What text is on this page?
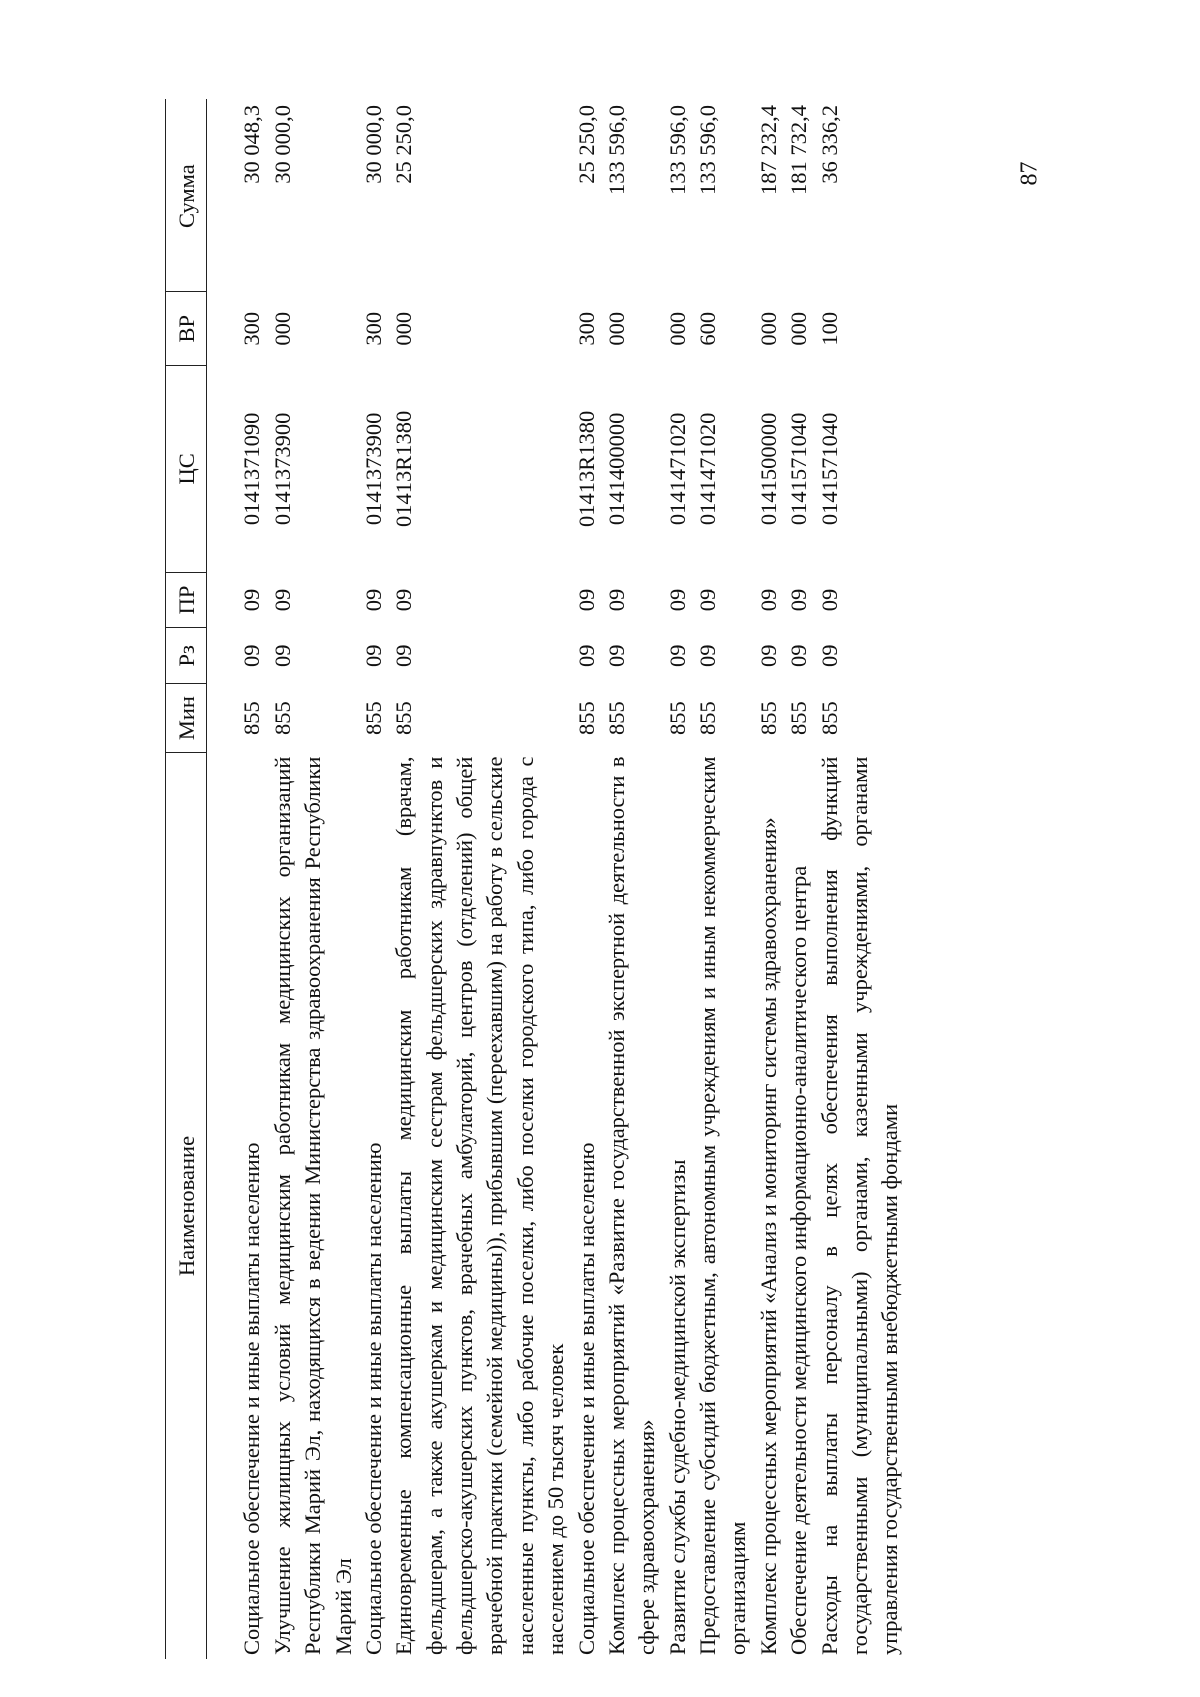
87
Наименование	Мин	Рз	ПР	ЦС	ВР	Сумма
Социальное обеспечение и иные выплаты населению	855	09	09	0141371090	300	30 048,3
Улучшение жилищных условий медицинским работникам медицинских организаций Республики Марий Эл, находящихся в ведении Министерства здравоохранения Республики Марий Эл	855	09	09	0141373900	000	30 000,0
Социальное обеспечение и иные выплаты населению	855	09	09	0141373900	300	30 000,0
Единовременные компенсационные выплаты медицинским работникам (врачам, фельдшерам, а также акушеркам и медицинским сестрам фельдшерских здравпунктов и фельдшерско-акушерских пунктов, врачебных амбулаторий, центров (отделений) общей врачебной практики (семейной медицины)), прибывшим (переехавшим) на работу в сельские населенные пункты, либо рабочие поселки, либо поселки городского типа, либо города с населением до 50 тысяч человек	855	09	09	01413R1380	000	25 250,0
Социальное обеспечение и иные выплаты населению	855	09	09	01413R1380	300	25 250,0
Комплекс процессных мероприятий «Развитие государственной экспертной деятельности в сфере здравоохранения»	855	09	09	0141400000	000	133 596,0
Развитие службы судебно-медицинской экспертизы	855	09	09	0141471020	000	133 596,0
Предоставление субсидий бюджетным, автономным учреждениям и иным некоммерческим организациям	855	09	09	0141471020	600	133 596,0
Комплекс процессных мероприятий «Анализ и мониторинг системы здравоохранения»	855	09	09	0141500000	000	187 232,4
Обеспечение деятельности медицинского информационно-аналитического центра	855	09	09	0141571040	000	181 732,4
Расходы на выплаты персоналу в целях обеспечения выполнения функций государственными (муниципальными) органами, казенными учреждениями, органами управления государственными внебюджетными фондами	855	09	09	0141571040	100	36 336,2
